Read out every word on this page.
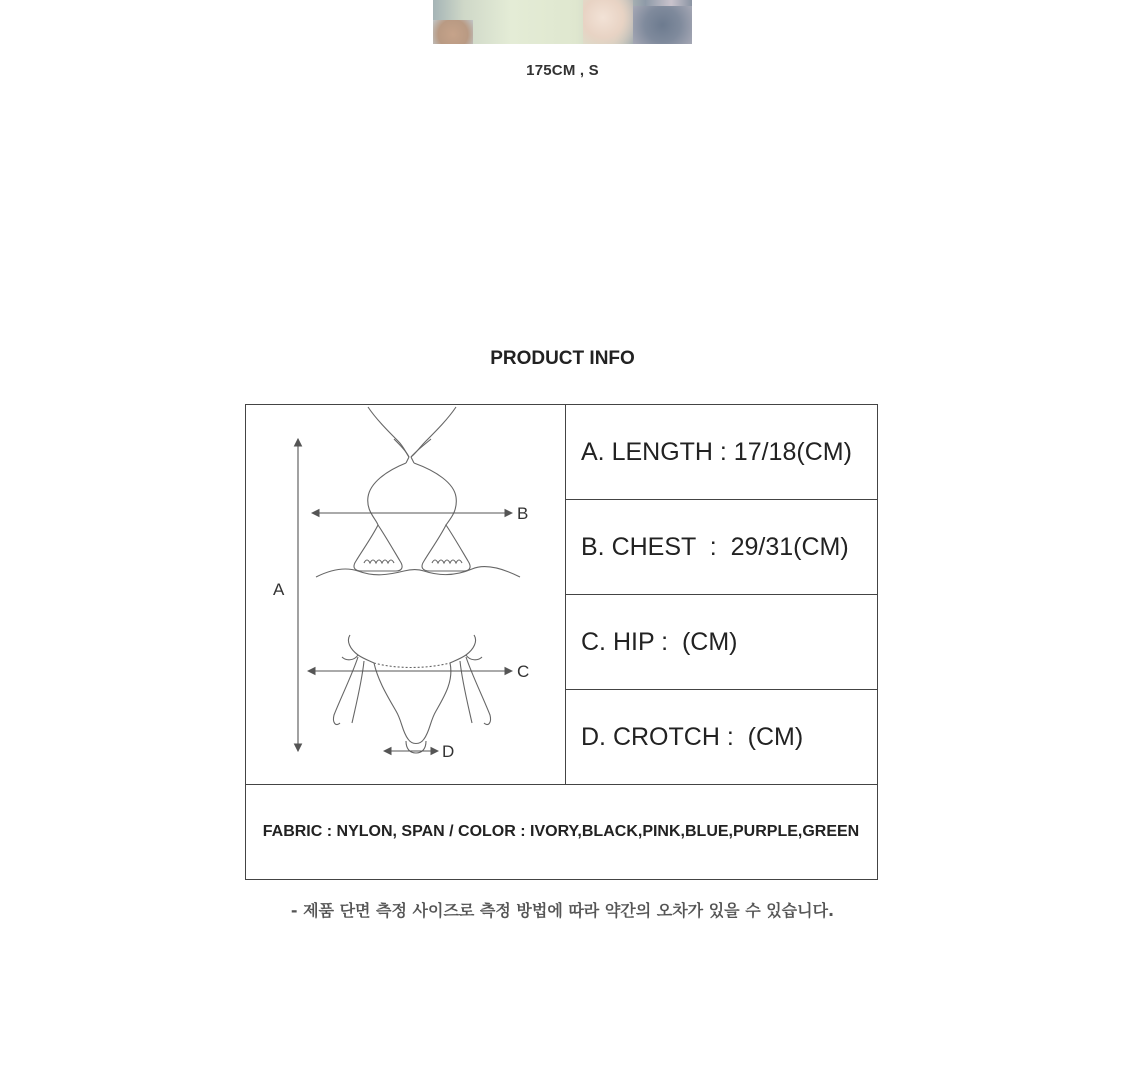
175CM , S
PRODUCT INFO
A
B
C
D
A. LENGTH : 17/18(CM)
B. CHEST  :  29/31(CM)
C. HIP :  (CM)
D. CROTCH :  (CM)
FABRIC : NYLON, SPAN / COLOR : IVORY,BLACK,PINK,BLUE,PURPLE,GREEN
- 제품 단면 측정 사이즈로 측정 방법에 따라 약간의 오차가 있을 수 있습니다.
